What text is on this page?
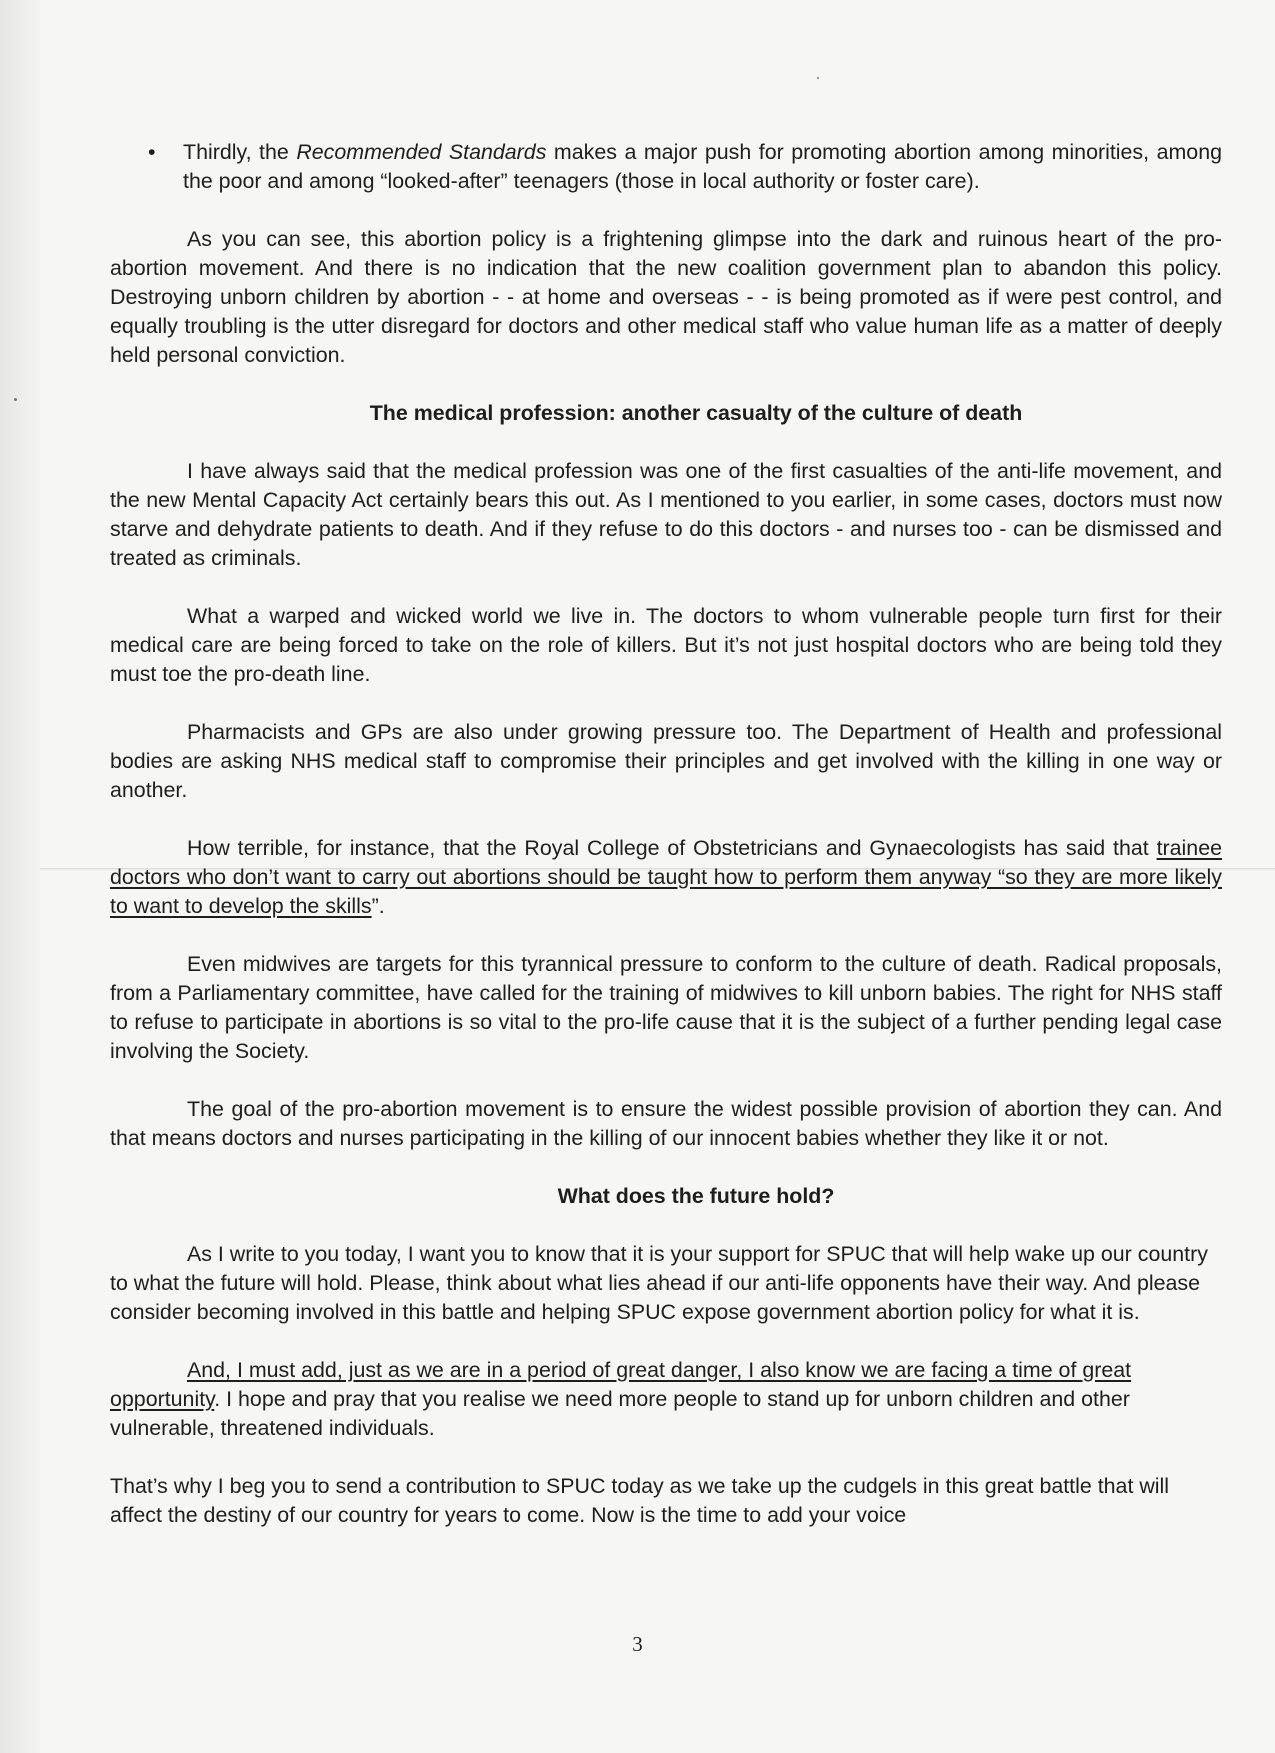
•	Thirdly, the Recommended Standards makes a major push for promoting abortion among minorities, among the poor and among “looked-after” teenagers (those in local authority or foster care).

As you can see, this abortion policy is a frightening glimpse into the dark and ruinous heart of the pro-abortion movement. And there is no indication that the new coalition government plan to abandon this policy. Destroying unborn children by abortion - - at home and overseas - - is being promoted as if were pest control, and equally troubling is the utter disregard for doctors and other medical staff who value human life as a matter of deeply held personal conviction.

The medical profession: another casualty of the culture of death

I have always said that the medical profession was one of the first casualties of the anti-life movement, and the new Mental Capacity Act certainly bears this out. As I mentioned to you earlier, in some cases, doctors must now starve and dehydrate patients to death. And if they refuse to do this doctors - and nurses too - can be dismissed and treated as criminals.

What a warped and wicked world we live in. The doctors to whom vulnerable people turn first for their medical care are being forced to take on the role of killers. But it’s not just hospital doctors who are being told they must toe the pro-death line.

Pharmacists and GPs are also under growing pressure too. The Department of Health and professional bodies are asking NHS medical staff to compromise their principles and get involved with the killing in one way or another.

How terrible, for instance, that the Royal College of Obstetricians and Gynaecologists has said that trainee doctors who don’t want to carry out abortions should be taught how to perform them anyway “so they are more likely to want to develop the skills”.

Even midwives are targets for this tyrannical pressure to conform to the culture of death. Radical proposals, from a Parliamentary committee, have called for the training of midwives to kill unborn babies. The right for NHS staff to refuse to participate in abortions is so vital to the pro-life cause that it is the subject of a further pending legal case involving the Society.

The goal of the pro-abortion movement is to ensure the widest possible provision of abortion they can. And that means doctors and nurses participating in the killing of our innocent babies whether they like it or not.

What does the future hold?

As I write to you today, I want you to know that it is your support for SPUC that will help wake up our country to what the future will hold. Please, think about what lies ahead if our anti-life opponents have their way. And please consider becoming involved in this battle and helping SPUC expose government abortion policy for what it is.

And, I must add, just as we are in a period of great danger, I also know we are facing a time of great opportunity. I hope and pray that you realise we need more people to stand up for unborn children and other vulnerable, threatened individuals.

That’s why I beg you to send a contribution to SPUC today as we take up the cudgels in this great battle that will affect the destiny of our country for years to come. Now is the time to add your voice

3
